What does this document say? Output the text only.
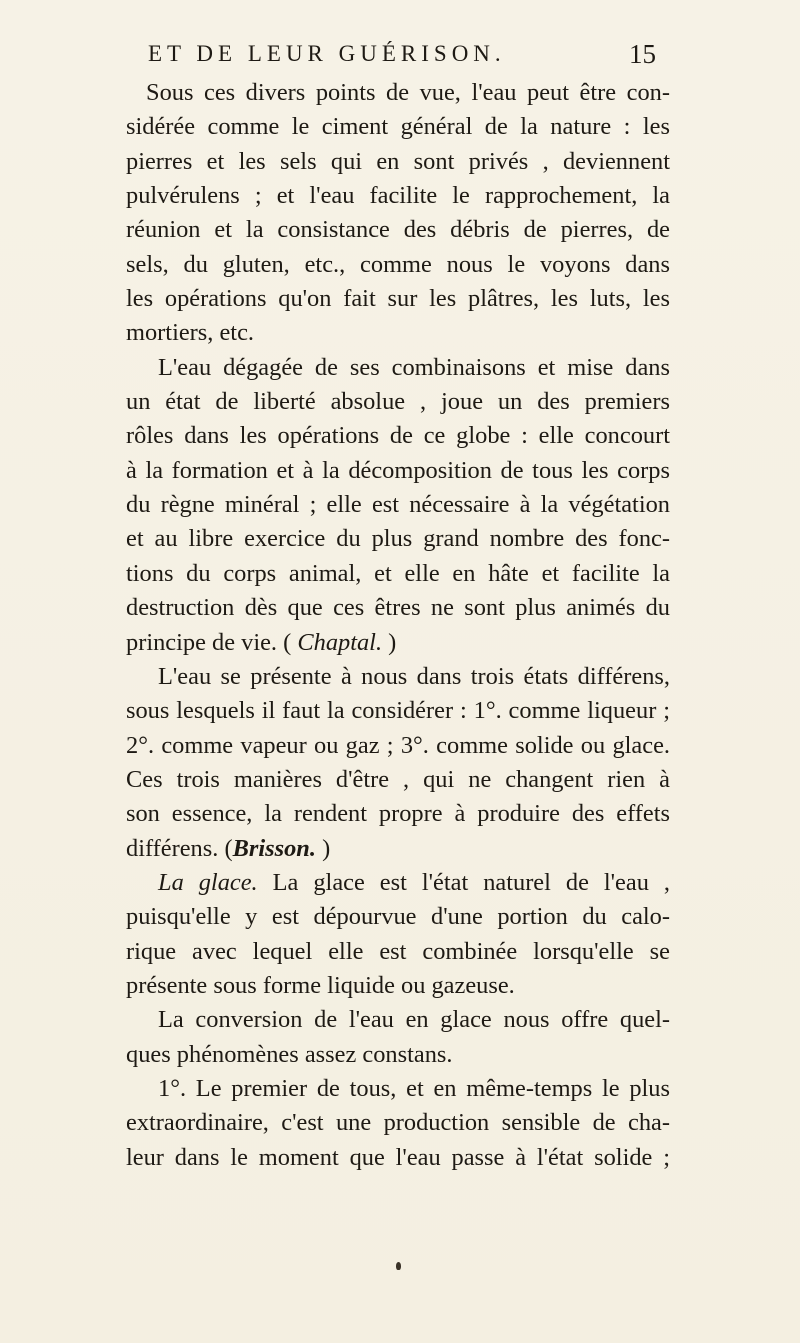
ET DE LEUR GUÉRISON.	15

Sous ces divers points de vue, l'eau peut être con-
sidérée comme le ciment général de la nature : les
pierres et les sels qui en sont privés , deviennent
pulvérulens ; et l'eau facilite le rapprochement, la
réunion et la consistance des débris de pierres, de
sels, du gluten, etc., comme nous le voyons dans
les opérations qu'on fait sur les plâtres, les luts, les
mortiers, etc.

L'eau dégagée de ses combinaisons et mise dans
un état de liberté absolue , joue un des premiers
rôles dans les opérations de ce globe : elle concourt
à la formation et à la décomposition de tous les corps
du règne minéral ; elle est nécessaire à la végétation
et au libre exercice du plus grand nombre des fonc-
tions du corps animal, et elle en hâte et facilite la
destruction dès que ces êtres ne sont plus animés du
principe de vie. ( Chaptal. )

L'eau se présente à nous dans trois états différens,
sous lesquels il faut la considérer : 1°. comme liqueur ;
2°. comme vapeur ou gaz ; 3°. comme solide ou glace.
Ces trois manières d'être , qui ne changent rien à
son essence, la rendent propre à produire des effets
différens. (Brisson. )

La glace. La glace est l'état naturel de l'eau ,
puisqu'elle y est dépourvue d'une portion du calo-
rique avec lequel elle est combinée lorsqu'elle se
présente sous forme liquide ou gazeuse.

La conversion de l'eau en glace nous offre quel-
ques phénomènes assez constans.

1°. Le premier de tous, et en même-temps le plus
extraordinaire, c'est une production sensible de cha-
leur dans le moment que l'eau passe à l'état solide ;
